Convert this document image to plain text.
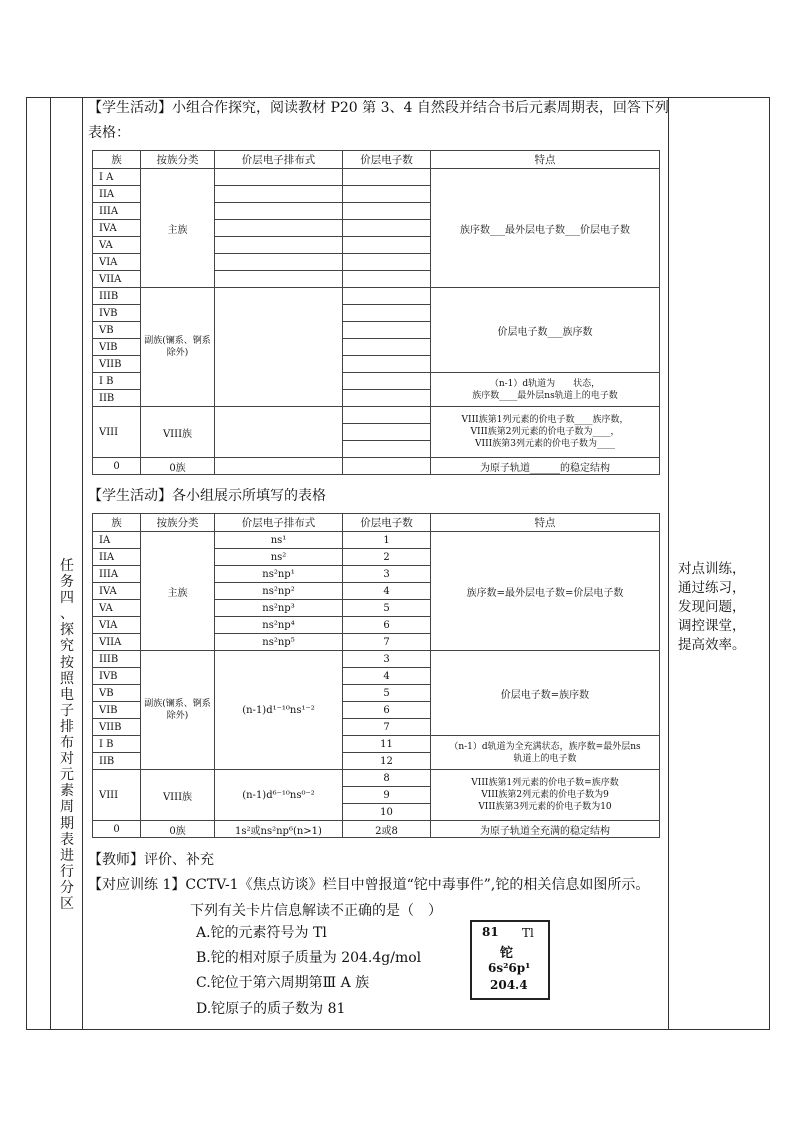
任
务
四
、
探
究
按
照
电
子
排
布
对
元
素
周
期
表
进
行
分
区
对点训练，
通过练习，
发现问题，
调控课堂，
提高效率。
【学生活动】小组合作探究，阅读教材 P20 第 3、4 自然段并结合书后元素周期表，回答下列
表格：
族	按族分类	价层电子排布式	价层电子数	特点
I A	主族			族序数___最外层电子数___价层电子数
IIA				
IIIA				
IVA				
VA				
VIA				
VIIA				
IIIB	副族(镧系、锕系除外)			价层电子数___族序数
IVB				
VB				
VIB				
VIIB				
I B				（n-1）d轨道为　　状态，
族序数____最外层ns轨道上的电子数
IIB				
VIII	VIII族			VIII族第1列元素的价电子数____族序数，
VIII族第2列元素的价电子数为____，
VIII族第3列元素的价电子数为____

0	0族			为原子轨道______的稳定结构
【学生活动】各小组展示所填写的表格
族	按族分类	价层电子排布式	价层电子数	特点
IA	主族	ns¹	1	族序数=最外层电子数=价层电子数
IIA		ns²	2	
IIIA		ns²np¹	3	
IVA		ns²np²	4	
VA		ns²np³	5	
VIA		ns²np⁴	6	
VIIA		ns²np⁵	7	
IIIB	副族(镧系、锕系除外)	(n-1)d¹⁻¹⁰ns¹⁻²	3	价层电子数=族序数
IVB			4	
VB			5	
VIB			6	
VIIB			7	
I B			11	（n-1）d轨道为全充满状态，族序数=最外层ns
轨道上的电子数
IIB			12	
VIII	VIII族	(n-1)d⁶⁻¹⁰ns⁰⁻²	8	VIII族第1列元素的价电子数=族序数
VIII族第2列元素的价电子数为9
VIII族第3列元素的价电子数为10
			9	
			10	
0	0族	1s²或ns²np⁶(n>1)	2或8	为原子轨道全充满的稳定结构
【教师】评价、补充
【对应训练 1】CCTV-1《焦点访谈》栏目中曾报道“铊中毒事件”,铊的相关信息如图所示。
下列有关卡片信息解读不正确的是（　）
A.铊的元素符号为 Tl
B.铊的相对原子质量为 204.4g/mol
C.铊位于第六周期第Ⅲ A 族
D.铊原子的质子数为 81
81 Tl
铊
6s²6p¹
204.4
